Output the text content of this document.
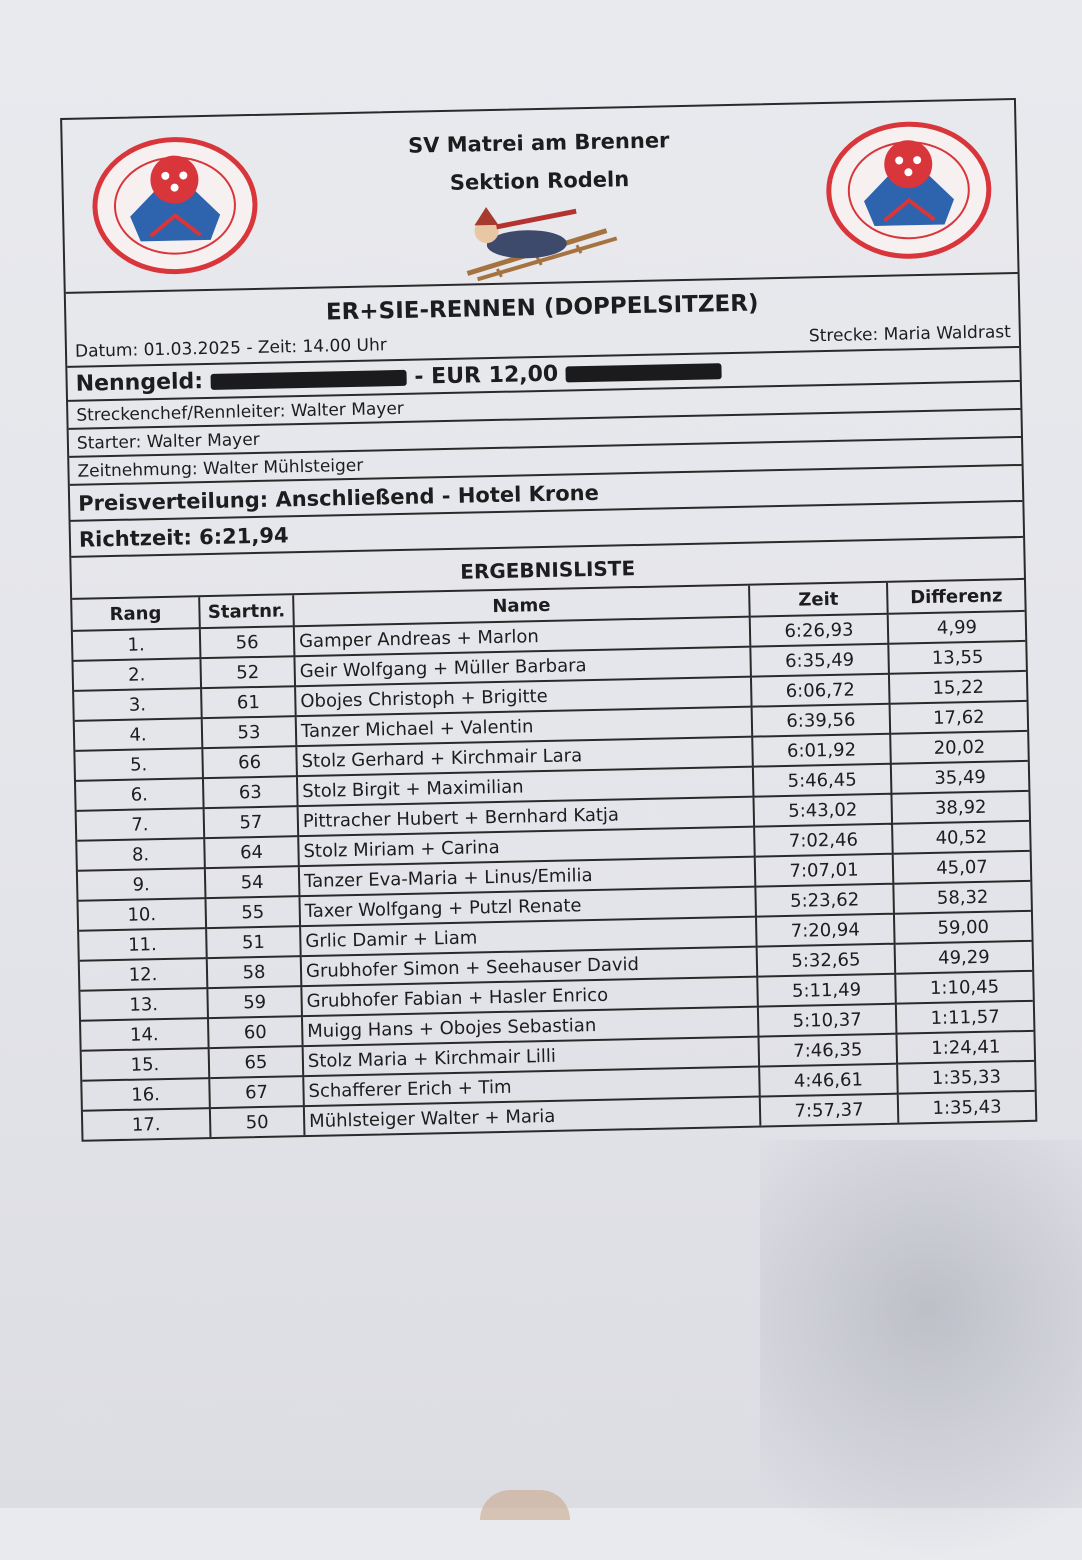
SV Matrei am Brenner
Sektion Rodeln
ER+SIE-RENNEN (DOPPELSITZER)
Datum: 01.03.2025 - Zeit: 14.00 Uhr
Strecke: Maria Waldrast
Nenngeld:	- EUR 12,00
Streckenchef/Rennleiter: Walter Mayer
Starter: Walter Mayer
Zeitnehmung: Walter Mühlsteiger
Preisverteilung: Anschließend - Hotel Krone
Richtzeit: 6:21,94
ERGEBNISLISTE
Rang	Startnr.	Name	Zeit	Differenz
1.	56	Gamper Andreas + Marlon	6:26,93	4,99
2.	52	Geir Wolfgang + Müller Barbara	6:35,49	13,55
3.	61	Obojes Christoph + Brigitte	6:06,72	15,22
4.	53	Tanzer Michael + Valentin	6:39,56	17,62
5.	66	Stolz Gerhard + Kirchmair Lara	6:01,92	20,02
6.	63	Stolz Birgit + Maximilian	5:46,45	35,49
7.	57	Pittracher Hubert + Bernhard Katja	5:43,02	38,92
8.	64	Stolz Miriam + Carina	7:02,46	40,52
9.	54	Tanzer Eva-Maria + Linus/Emilia	7:07,01	45,07
10.	55	Taxer Wolfgang + Putzl Renate	5:23,62	58,32
11.	51	Grlic Damir + Liam	7:20,94	59,00
12.	58	Grubhofer Simon + Seehauser David	5:32,65	49,29
13.	59	Grubhofer Fabian + Hasler Enrico	5:11,49	1:10,45
14.	60	Muigg Hans + Obojes Sebastian	5:10,37	1:11,57
15.	65	Stolz Maria + Kirchmair Lilli	7:46,35	1:24,41
16.	67	Schafferer Erich + Tim	4:46,61	1:35,33
17.	50	Mühlsteiger Walter + Maria	7:57,37	1:35,43
